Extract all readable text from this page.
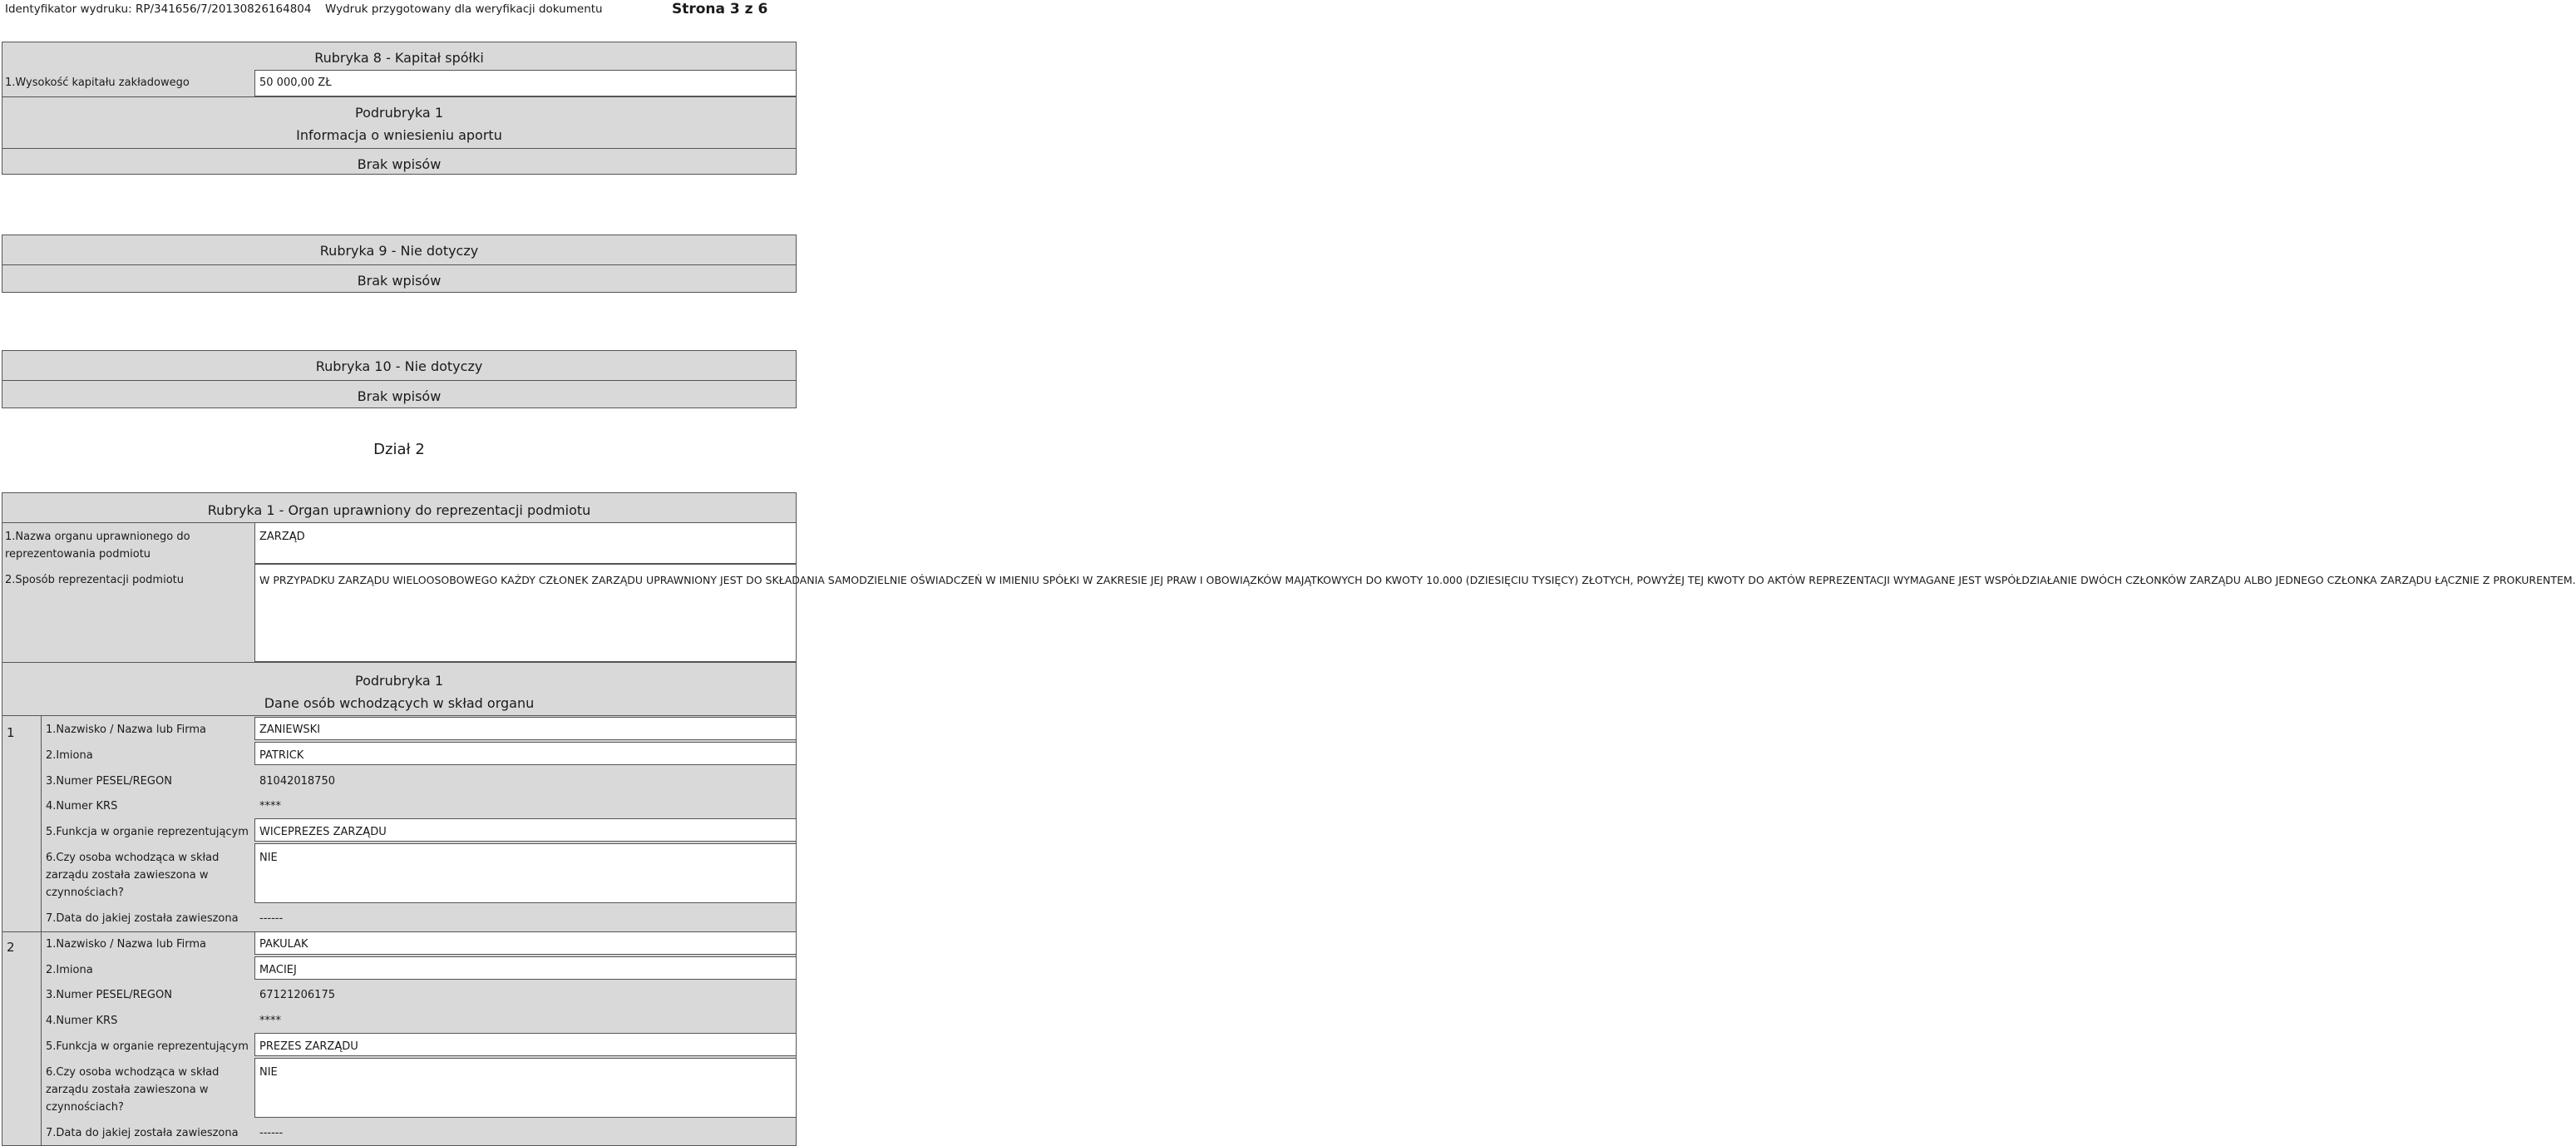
Identyfikator wydruku: RP/341656/7/20130826164804 Wydruk przygotowany dla weryfikacji dokumentu	Strona 3 z 6
Rubryka 8 - Kapitał spółki
1.Wysokość kapitału zakładowego	50 000,00 ZŁ
Podrubryka 1
Informacja o wniesieniu aportu
Brak wpisów
Rubryka 9 - Nie dotyczy
Brak wpisów
Rubryka 10 - Nie dotyczy
Brak wpisów
Dział 2
Rubryka 1 - Organ uprawniony do reprezentacji podmiotu
1.Nazwa organu uprawnionego do reprezentowania podmiotu
ZARZĄD
2.Sposób reprezentacji podmiotu	W PRZYPADKU ZARZĄDU WIELOOSOBOWEGO KAŻDY CZŁONEK ZARZĄDU UPRAWNIONY JEST DO SKŁADANIA SAMODZIELNIE OŚWIADCZEŃ W IMIENIU SPÓŁKI W ZAKRESIE JEJ PRAW I OBOWIĄZKÓW MAJĄTKOWYCH DO KWOTY 10.000 (DZIESIĘCIU TYSIĘCY) ZŁOTYCH, POWYŻEJ TEJ KWOTY DO AKTÓW REPREZENTACJI WYMAGANE JEST WSPÓŁDZIAŁANIE DWÓCH CZŁONKÓW ZARZĄDU ALBO JEDNEGO CZŁONKA ZARZĄDU ŁĄCZNIE Z PROKURENTEM.
Podrubryka 1
Dane osób wchodzących w skład organu
1	1.Nazwisko / Nazwa lub Firma	ZANIEWSKI
2.Imiona	PATRICK
3.Numer PESEL/REGON	81042018750
4.Numer KRS	****
5.Funkcja w organie reprezentującym WICEPREZES ZARZĄDU
6.Czy osoba wchodząca w skład zarządu została zawieszona w czynnościach?
NIE
7.Data do jakiej została zawieszona ------
2	1.Nazwisko / Nazwa lub Firma	PAKULAK
2.Imiona	MACIEJ
3.Numer PESEL/REGON	67121206175
4.Numer KRS	****
5.Funkcja w organie reprezentującym PREZES ZARZĄDU
6.Czy osoba wchodząca w skład zarządu została zawieszona w czynnościach?
NIE
7.Data do jakiej została zawieszona ------
